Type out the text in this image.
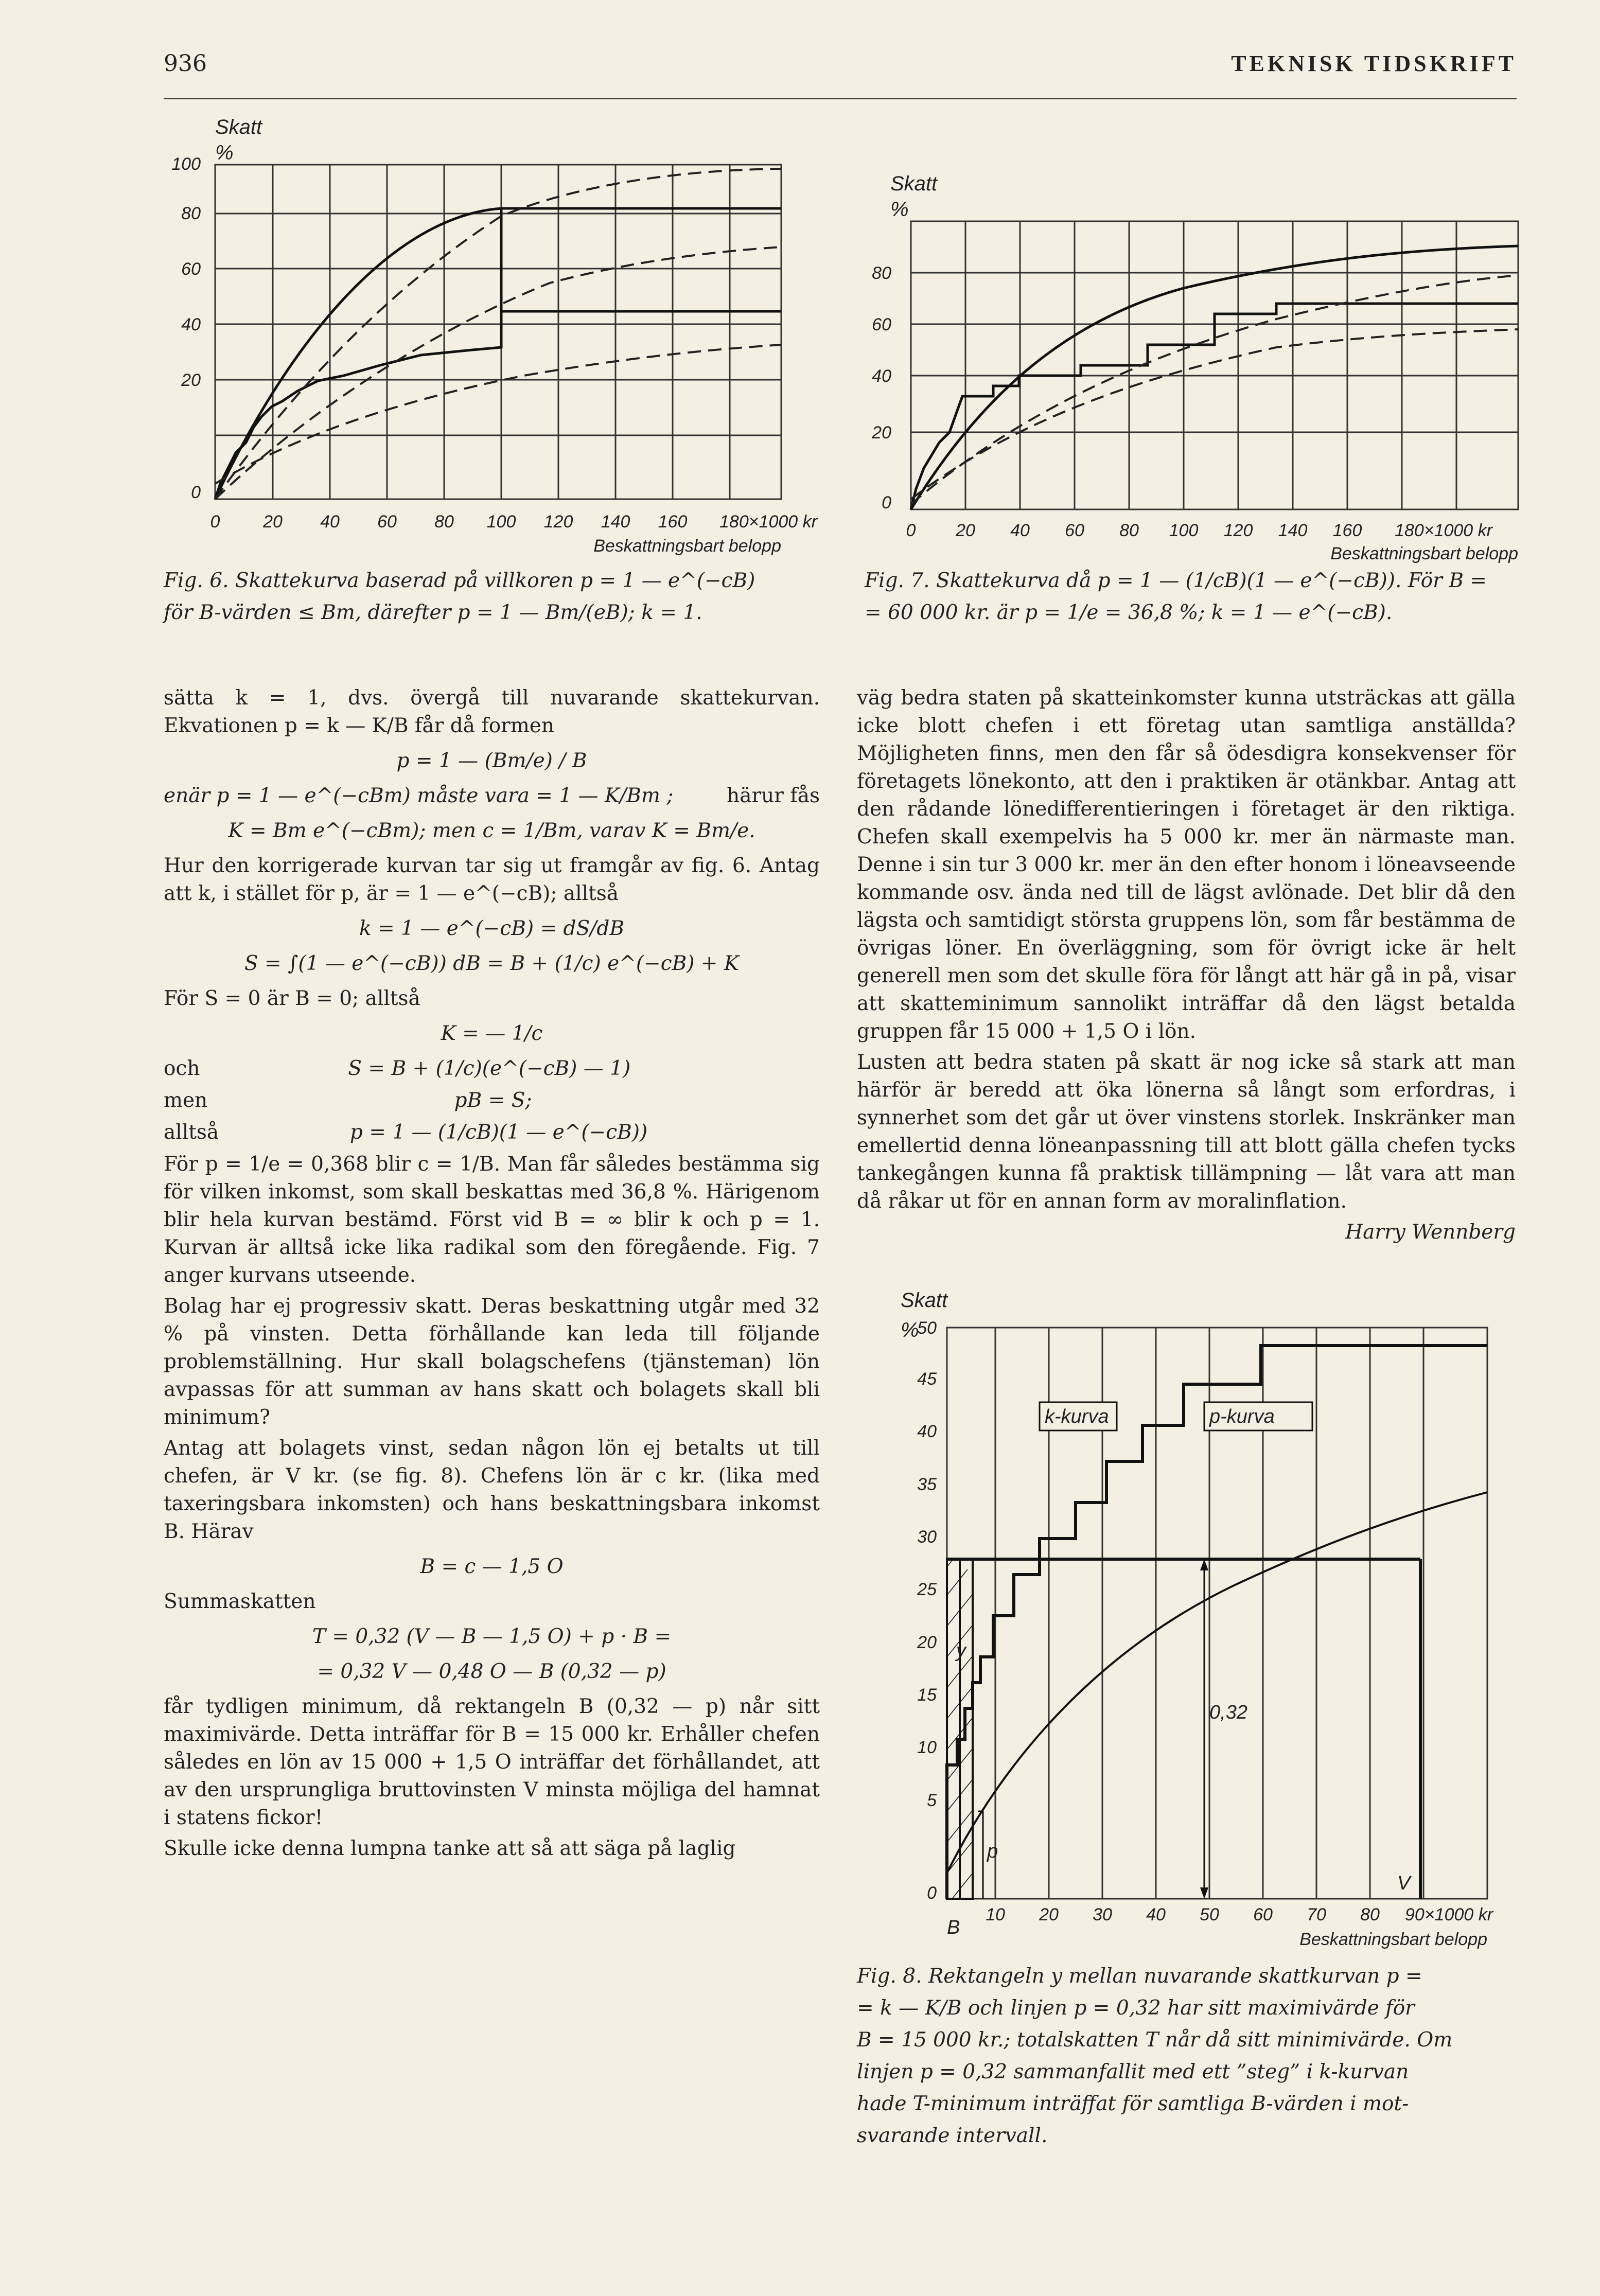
936	TEKNISK TIDSKRIFT
Skatt
%
100
80
60
40
20
0
0 20 40 60 80 100 120 140 160 180×1000 kr
Beskattningsbart belopp

Fig. 6. Skattekurva baserad på villkoren p = 1 — e^(−cB)

för B-värden ≤ Bm, därefter p = 1 — Bm/(eB); k = 1.

Skatt
%
80
60
40
20
0
0 20 40 60 80 100 120 140 160 180×1000 kr
Beskattningsbart belopp

Fig. 7. Skattekurva då p = 1 — (1/cB)(1 — e^(−cB)). För B =

= 60 000 kr. är p = 1/e = 36,8 %; k = 1 — e^(−cB).

sätta k = 1, dvs. övergå till nuvarande skattekurvan. Ekvationen p = k — K/B får då formen

p = 1 — (Bm/e) / B
enär p = 1 — e^(−cBm) måste vara = 1 — K/Bm ;	härur fås
K = Bm e^(−cBm); men c = 1/Bm, varav K = Bm/e.

Hur den korrigerade kurvan tar sig ut framgår av fig. 6. Antag att k, i stället för p, är = 1 — e^(−cB); alltså

k = 1 — e^(−cB) = dS/dB
S = ∫(1 — e^(−cB)) dB = B + (1/c) e^(−cB) + K

För S = 0 är B = 0; alltså

K = — 1/c
och	S = B + (1/c)(e^(−cB) — 1)
men	pB = S;
alltså	p = 1 — (1/cB)(1 — e^(−cB))

För p = 1/e = 0,368 blir c = 1/B. Man får således bestämma sig för vilken inkomst, som skall beskattas med 36,8 %. Härigenom blir hela kurvan bestämd. Först vid B = ∞ blir k och p = 1. Kurvan är alltså icke lika radikal som den föregående. Fig. 7 anger kurvans utseende.

Bolag har ej progressiv skatt. Deras beskattning utgår med 32 % på vinsten. Detta förhållande kan leda till följande problemställning. Hur skall bolagschefens (tjänsteman) lön avpassas för att summan av hans skatt och bolagets skall bli minimum?

Antag att bolagets vinst, sedan någon lön ej betalts ut till chefen, är V kr. (se fig. 8). Chefens lön är c kr. (lika med taxeringsbara inkomsten) och hans beskattningsbara inkomst B. Härav

B = c — 1,5 O

Summaskatten

T = 0,32 (V — B — 1,5 O) + p · B =
= 0,32 V — 0,48 O — B (0,32 — p)

får tydligen minimum, då rektangeln B (0,32 — p) når sitt maximivärde. Detta inträffar för B = 15 000 kr. Erhåller chefen således en lön av 15 000 + 1,5 O inträffar det förhållandet, att av den ursprungliga bruttovinsten V minsta möjliga del hamnat i statens fickor!

Skulle icke denna lumpna tanke att så att säga på laglig

väg bedra staten på skatteinkomster kunna utsträckas att gälla icke blott chefen i ett företag utan samtliga anställda? Möjligheten finns, men den får så ödesdigra konsekvenser för företagets lönekonto, att den i praktiken är otänkbar. Antag att den rådande lönedifferentieringen i företaget är den riktiga. Chefen skall exempelvis ha 5 000 kr. mer än närmaste man. Denne i sin tur 3 000 kr. mer än den efter honom i löneavseende kommande osv. ända ned till de lägst avlönade. Det blir då den lägsta och samtidigt största gruppens lön, som får bestämma de övrigas löner. En överläggning, som för övrigt icke är helt generell men som det skulle föra för långt att här gå in på, visar att skatteminimum sannolikt inträffar då den lägst betalda gruppen får 15 000 + 1,5 O i lön.

Lusten att bedra staten på skatt är nog icke så stark att man härför är beredd att öka lönerna så långt som erfordras, i synnerhet som det går ut över vinstens storlek. Inskränker man emellertid denna löneanpassning till att blott gälla chefen tycks tankegången kunna få praktisk tillämpning — låt vara att man då råkar ut för en annan form av moralinflation.

Harry Wennberg

Skatt
%
k-kurva	p-kurva
y
0,32
p
V
B
50
45
40
35
30
25
20
15
10
5
0
10 20 30 40 50 60 70 80 90×1000 kr
Beskattningsbart belopp

Fig. 8. Rektangeln y mellan nuvarande skattkurvan p =

= k — K/B och linjen p = 0,32 har sitt maximivärde för

B = 15 000 kr.; totalskatten T når då sitt minimivärde. Om

linjen p = 0,32 sammanfallit med ett ”steg” i k-kurvan

hade T-minimum inträffat för samtliga B-värden i mot-

svarande intervall.
